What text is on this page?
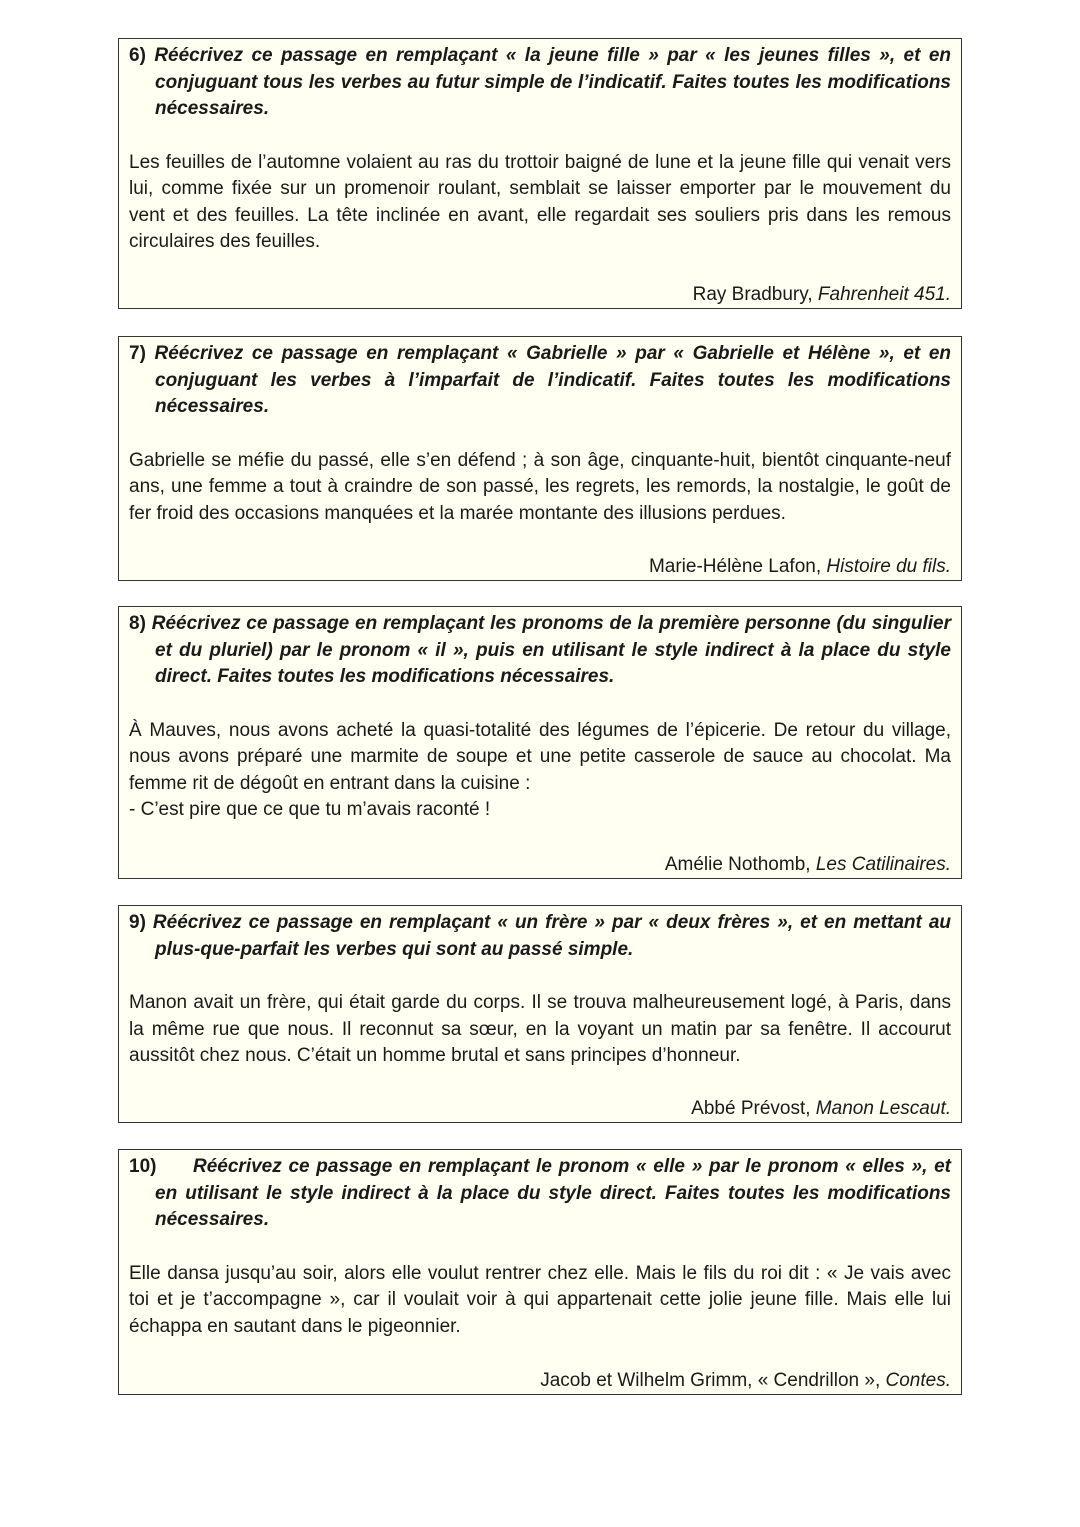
6) Réécrivez ce passage en remplaçant « la jeune fille » par « les jeunes filles », et en conjuguant tous les verbes au futur simple de l’indicatif. Faites toutes les modifications nécessaires.

Les feuilles de l’automne volaient au ras du trottoir baigné de lune et la jeune fille qui venait vers lui, comme fixée sur un promenoir roulant, semblait se laisser emporter par le mouvement du vent et des feuilles. La tête inclinée en avant, elle regardait ses souliers pris dans les remous circulaires des feuilles.

Ray Bradbury, Fahrenheit 451.

7) Réécrivez ce passage en remplaçant « Gabrielle » par « Gabrielle et Hélène », et en conjuguant les verbes à l’imparfait de l’indicatif. Faites toutes les modifications nécessaires.

Gabrielle se méfie du passé, elle s’en défend ; à son âge, cinquante-huit, bientôt cinquante-neuf ans, une femme a tout à craindre de son passé, les regrets, les remords, la nostalgie, le goût de fer froid des occasions manquées et la marée montante des illusions perdues.

Marie-Hélène Lafon, Histoire du fils.

8) Réécrivez ce passage en remplaçant les pronoms de la première personne (du singulier et du pluriel) par le pronom « il », puis en utilisant le style indirect à la place du style direct. Faites toutes les modifications nécessaires.

À Mauves, nous avons acheté la quasi-totalité des légumes de l’épicerie. De retour du village, nous avons préparé une marmite de soupe et une petite casserole de sauce au chocolat. Ma femme rit de dégoût en entrant dans la cuisine :
- C’est pire que ce que tu m’avais raconté !

Amélie Nothomb, Les Catilinaires.

9) Réécrivez ce passage en remplaçant « un frère » par « deux frères », et en mettant au plus-que-parfait les verbes qui sont au passé simple.

Manon avait un frère, qui était garde du corps. Il se trouva malheureusement logé, à Paris, dans la même rue que nous. Il reconnut sa sœur, en la voyant un matin par sa fenêtre. Il accourut aussitôt chez nous. C’était un homme brutal et sans principes d’honneur.

Abbé Prévost, Manon Lescaut.

10) Réécrivez ce passage en remplaçant le pronom « elle » par le pronom « elles », et en utilisant le style indirect à la place du style direct. Faites toutes les modifications nécessaires.

Elle dansa jusqu’au soir, alors elle voulut rentrer chez elle. Mais le fils du roi dit : « Je vais avec toi et je t’accompagne », car il voulait voir à qui appartenait cette jolie jeune fille. Mais elle lui échappa en sautant dans le pigeonnier.

Jacob et Wilhelm Grimm, « Cendrillon », Contes.
